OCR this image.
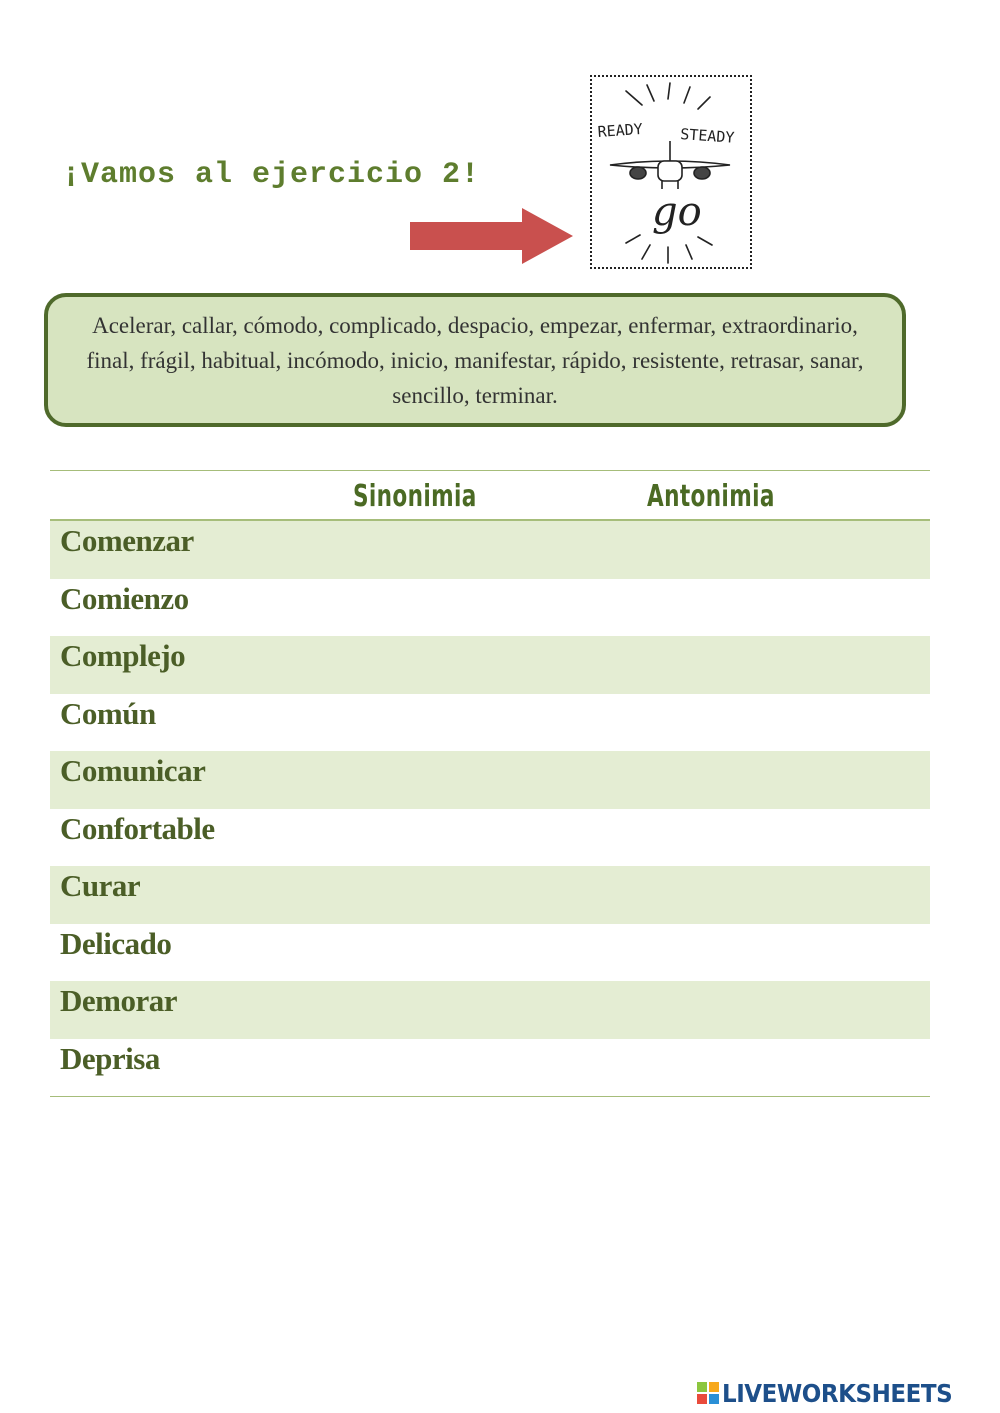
¡Vamos al ejercicio 2!
READY STEADY
go

Acelerar, callar, cómodo, complicado, despacio, empezar, enfermar, extraordinario, final, frágil, habitual, incómodo, inicio, manifestar, rápido, resistente, retrasar, sanar, sencillo, terminar.

Sinonimia	Antonimia
Comenzar
Comienzo
Complejo
Común
Comunicar
Confortable
Curar
Delicado
Demorar
Deprisa
LIVEWORKSHEETS
